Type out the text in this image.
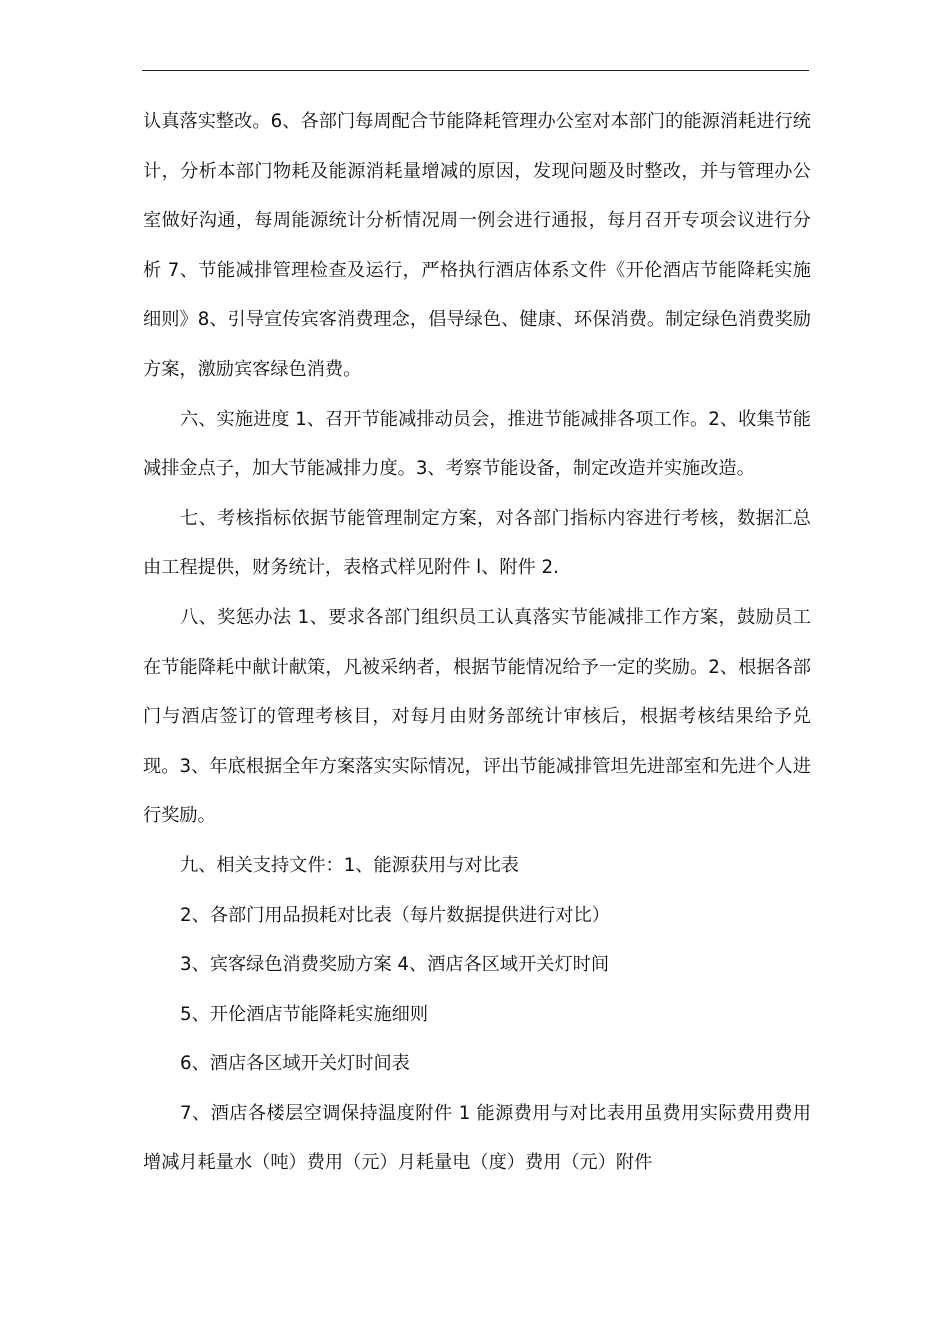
认真落实整改。6、各部门每周配合节能降耗管理办公室对本部门的能源消耗进行统计，分析本部门物耗及能源消耗量增减的原因，发现问题及时整改，并与管理办公室做好沟通，每周能源统计分析情况周一例会进行通报，每月召开专项会议进行分析 7、节能减排管理检查及运行，严格执行酒店体系文件《开伦酒店节能降耗实施细则》8、引导宣传宾客消费理念，倡导绿色、健康、环保消费。制定绿色消费奖励方案，激励宾客绿色消费。

六、实施进度 1、召开节能减排动员会，推进节能减排各项工作。2、收集节能减排金点子，加大节能减排力度。3、考察节能设备，制定改造并实施改造。

七、考核指标依据节能管理制定方案，对各部门指标内容进行考核，数据汇总由工程提供，财务统计，表格式样见附件 l、附件 2.

八、奖惩办法 1、要求各部门组织员工认真落实节能减排工作方案，鼓励员工在节能降耗中献计献策，凡被采纳者，根据节能情况给予一定的奖励。2、根据各部门与酒店签订的管理考核目，对每月由财务部统计审核后，根据考核结果给予兑现。3、年底根据全年方案落实实际情况，评出节能减排管坦先进部室和先进个人进行奖励。

九、相关支持文件：1、能源获用与对比表

2、各部门用品损耗对比表（每片数据提供进行对比）

3、宾客绿色消费奖励方案 4、酒店各区域开关灯时间

5、开伦酒店节能降耗实施细则

6、酒店各区域开关灯时间表

7、酒店各楼层空调保持温度附件 1 能源费用与对比表用虽费用实际费用费用增减月耗量水（吨）费用（元）月耗量电（度）费用（元）附件
